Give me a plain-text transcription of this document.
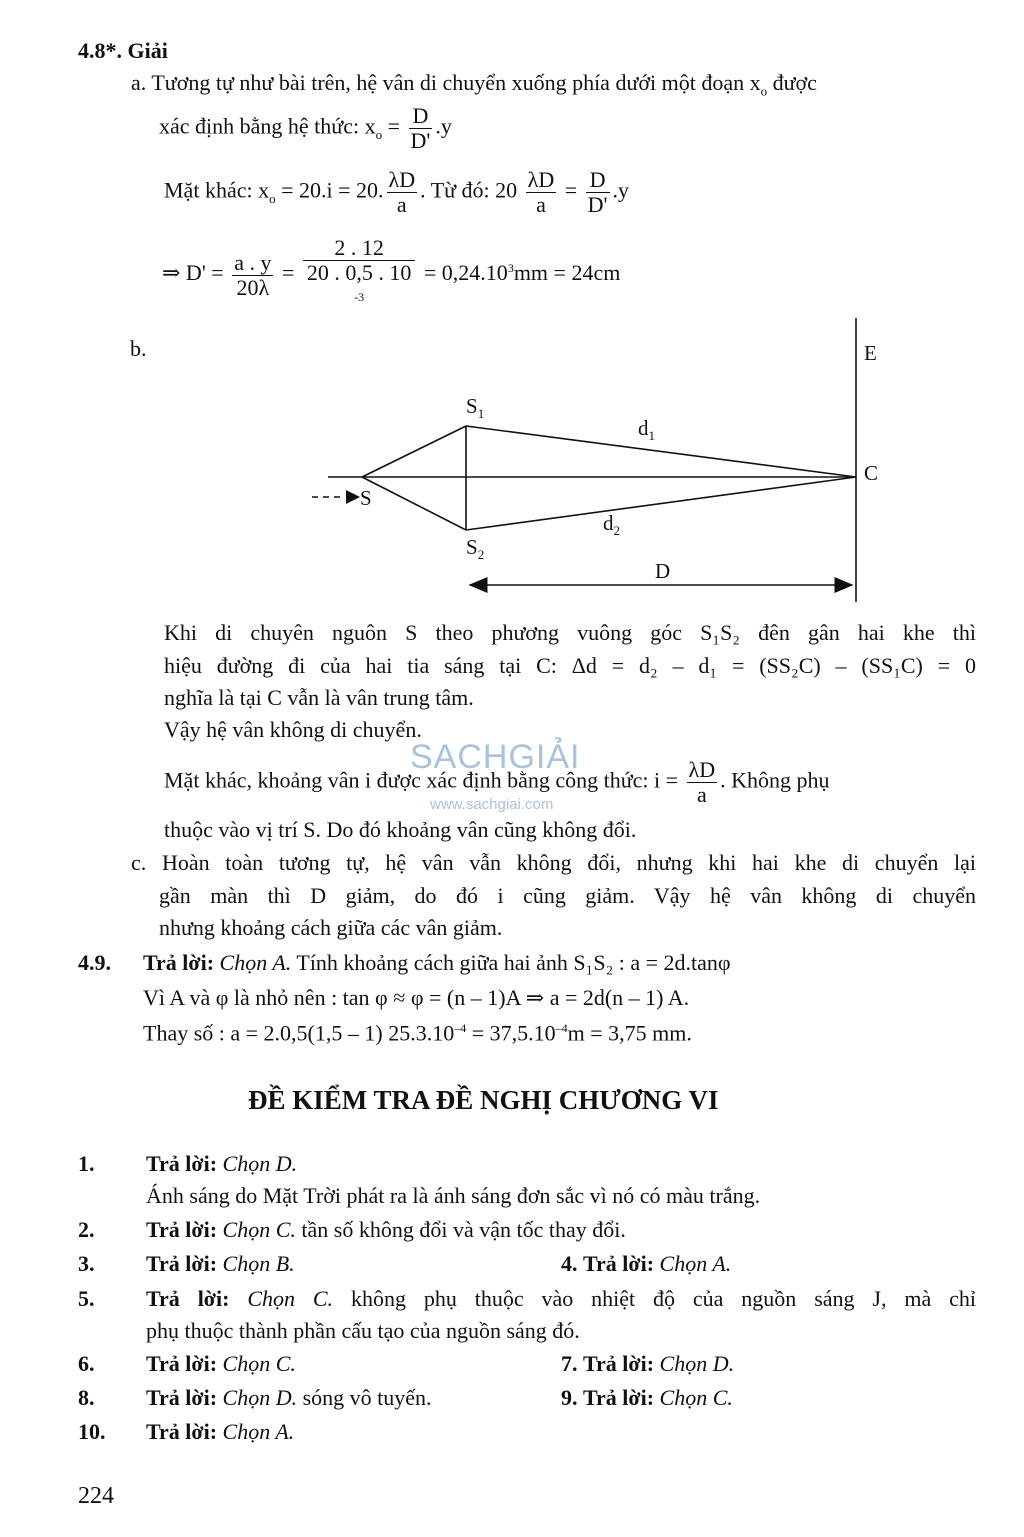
4.8*. Giải
a. Tương tự như bài trên, hệ vân di chuyển xuống phía dưới một đoạn $x_o$ được
xác định bằng hệ thức: $x_o = \frac{D}{D'} .y$
Mặt khác: $x_o = 20.i = 20$. $\frac{\lambda D}{a}$ . Từ đó: $20 \frac{\lambda D}{a} = \frac{D}{D'} .y$
⇒ $D' = \frac{a . y}{20\lambda} = 2$ . 12
20 . 0,5 . 10
$^{-3} = 0,24.10^3mm = 24cm$
b.	E
C
S
$S_1$
$S_2$
$d_1$
$d_2$
D
Khi di chuyên nguôn S theo phương vuông góc S₁S₂ đên gân hai khe thì
hiệu đường đi của hai tia sáng tại C: Δd = d₂ – d₁ = (SS₂C) – (SS₁C) = 0
nghĩa là tại C vẫn là vân trung tâm.
Vậy hệ vân không di chuyển.
SACHGIẢI
www.sachgiai.com
Mặt khác, khoảng vân i được xác định bằng công thức: $i = \frac{\lambda D}{a}$ . Không phụ
thuộc vào vị trí S. Do đó khoảng vân cũng không đổi.
c. Hoàn toàn tương tự, hệ vân vẫn không đổi, nhưng khi hai khe di chuyển lại
gần màn thì D giảm, do đó i cũng giảm. Vậy hệ vân không di chuyển
nhưng khoảng cách giữa các vân giảm.
4.9. Trả lời: Chọn A. Tính khoảng cách giữa hai ảnh S₁S₂ : a = 2d.tanφ
Vì A và φ là nhỏ nên : tan φ ≈ φ = (n – 1)A ⇒ a = 2d(n – 1) A.
Thay số : a = 2.0,5(1,5 – 1) $25.3.10^{-4} = 37,5.10^{-4}m = 3,75$ mm.
ĐỀ KIỂM TRA ĐỀ NGHỊ CHƯƠNG VI
1. Trả lời: Chọn D.
Ánh sáng do Mặt Trời phát ra là ánh sáng đơn sắc vì nó có màu trắng.
2. Trả lời: Chọn C. tần số không đổi và vận tốc thay đổi.
3. Trả lời: Chọn B.	4. Trả lời: Chọn A.
5. Trả lời: Chọn C. không phụ thuộc vào nhiệt độ của nguồn sáng J, mà chỉ
phụ thuộc thành phần cấu tạo của nguồn sáng đó.
6. Trả lời: Chọn C.	7. Trả lời: Chọn D.
8. Trả lời: Chọn D. sóng vô tuyến.	9. Trả lời: Chọn C.
10. Trả lời: Chọn A.
224
